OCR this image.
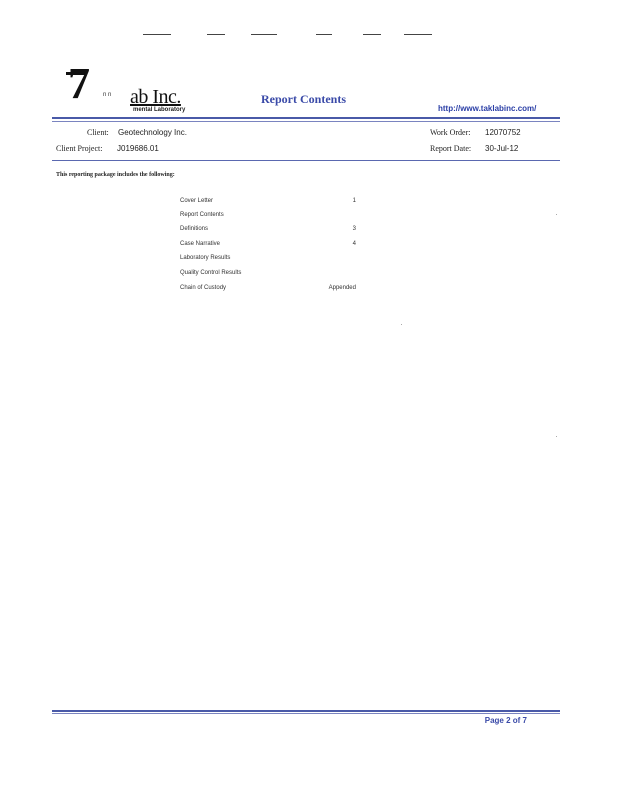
7 n n ab Inc.
mental Laboratory
Report Contents
http://www.taklabinc.com/
Client: Geotechnology Inc.
Client Project: J019686.01
Work Order: 12070752
Report Date: 30-Jul-12
This reporting package includes the following:
Cover Letter	1
Report Contents
Definitions	3
Case Narrative	4
Laboratory Results
Quality Control Results
Chain of Custody	Appended
Page 2 of 7
